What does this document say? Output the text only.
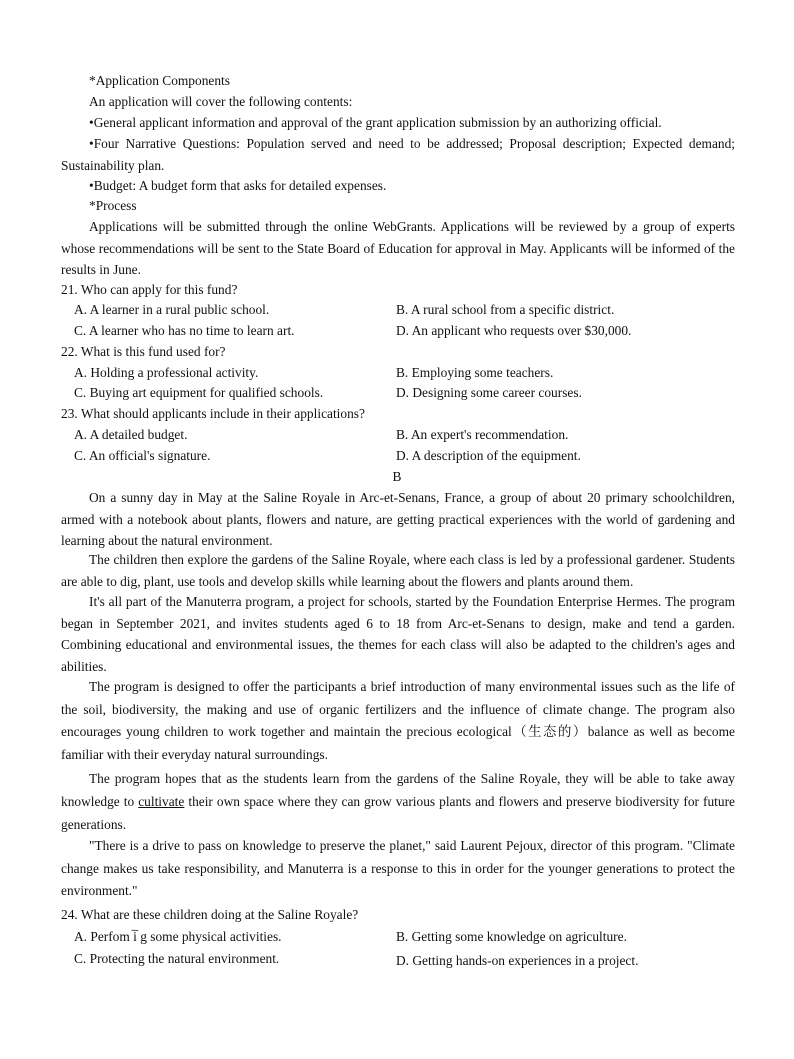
*Application Components
An application will cover the following contents:
•General applicant information and approval of the grant application submission by an authorizing official.

•Four Narrative Questions: Population served and need to be addressed; Proposal description; Expected demand; Sustainability plan.

•Budget: A budget form that asks for detailed expenses.
*Process

Applications will be submitted through the online WebGrants. Applications will be reviewed by a group of experts whose recommendations will be sent to the State Board of Education for approval in May. Applicants will be informed of the results in June.

21. Who can apply for this fund?
A. A learner in a rural public school.	B. A rural school from a specific district.
C. A learner who has no time to learn art.	D. An applicant who requests over $30,000.
22. What is this fund used for?
A. Holding a professional activity.	B. Employing some teachers.
C. Buying art equipment for qualified schools.	D. Designing some career courses.
23. What should applicants include in their applications?
A. A detailed budget.	B. An expert's recommendation.
C. An official's signature.	D. A description of the equipment.
B

On a sunny day in May at the Saline Royale in Arc-et-Senans, France, a group of about 20 primary schoolchildren, armed with a notebook about plants, flowers and nature, are getting practical experiences with the world of gardening and learning about the natural environment.

The children then explore the gardens of the Saline Royale, where each class is led by a professional gardener. Students are able to dig, plant, use tools and develop skills while learning about the flowers and plants around them.

It's all part of the Manuterra program, a project for schools, started by the Foundation Enterprise Hermes. The program began in September 2021, and invites students aged 6 to 18 from Arc-et-Senans to design, make and tend a garden. Combining educational and environmental issues, the themes for each class will also be adapted to the children's ages and abilities.

The program is designed to offer the participants a brief introduction of many environmental issues such as the life of the soil, biodiversity, the making and use of organic fertilizers and the influence of climate change. The program also encourages young children to work together and maintain the precious ecological（生态的）balance as well as become familiar with their everyday natural surroundings.

The program hopes that as the students learn from the gardens of the Saline Royale, they will be able to take away knowledge to cultivate their own space where they can grow various plants and flowers and preserve biodiversity for future generations.

"There is a drive to pass on knowledge to preserve the planet," said Laurent Pejoux, director of this program. "Climate change makes us take responsibility, and Manuterra is a response to this in order for the younger generations to protect the environment."

24. What are these children doing at the Saline Royale?
A. Perfom i̅ g some physical activities.	B. Getting some knowledge on agriculture.
C. Protecting the natural environment.	D. Getting hands-on experiences in a project.
